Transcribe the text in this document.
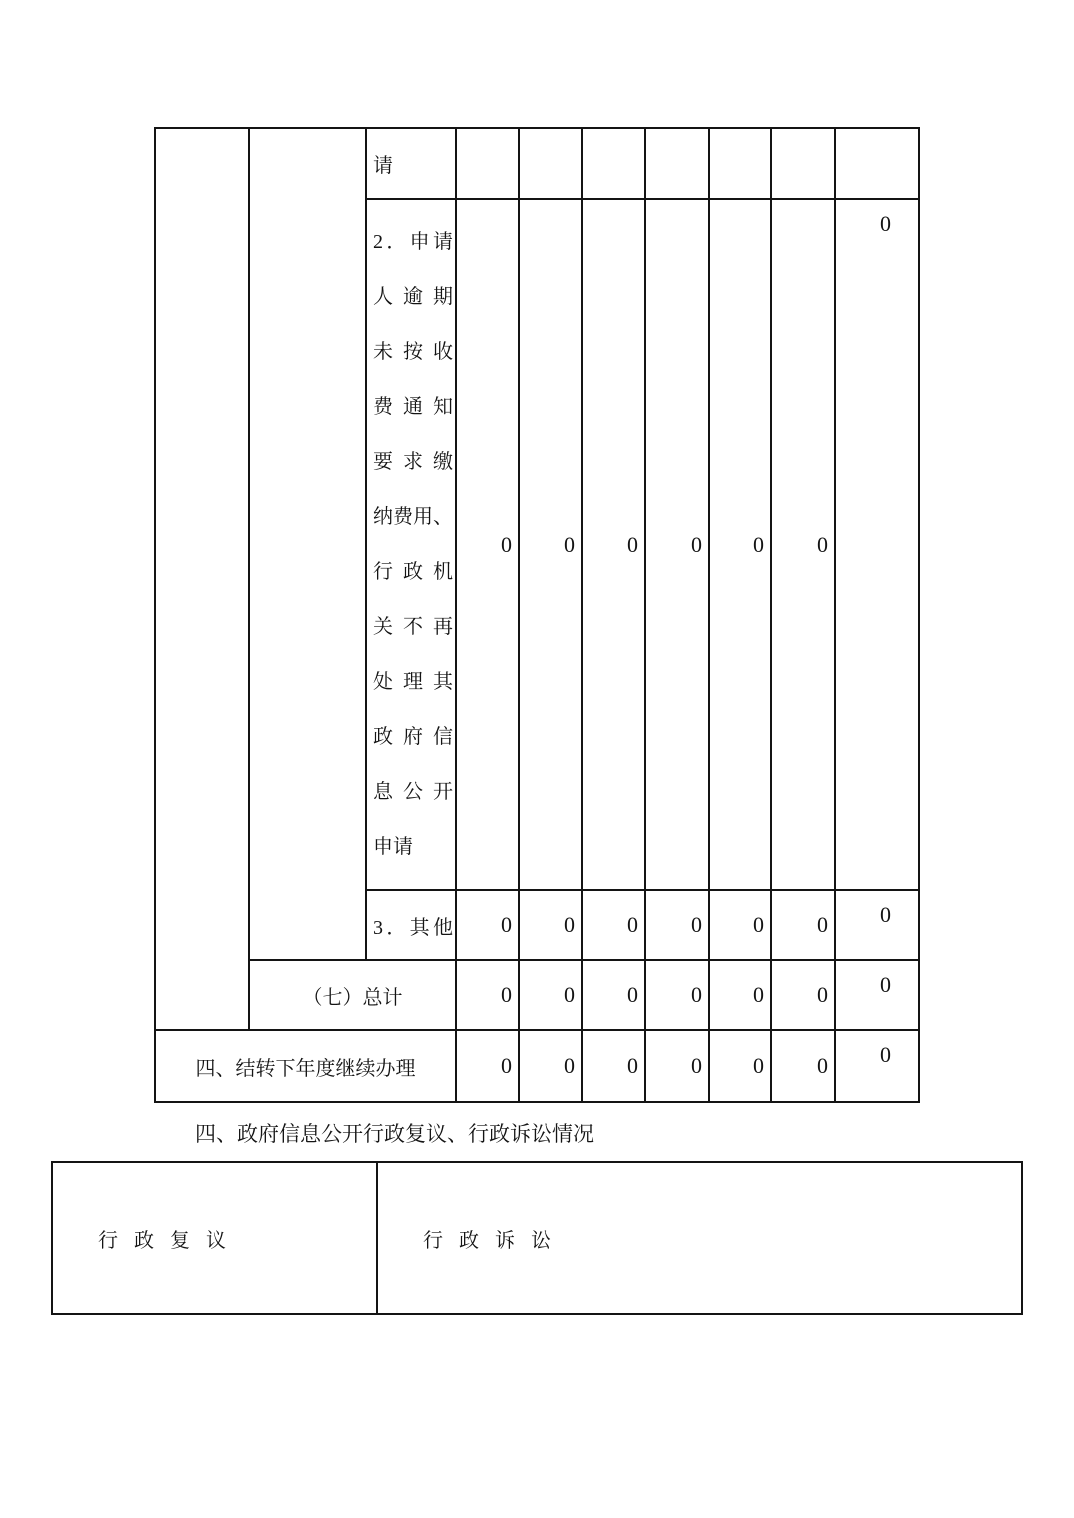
		请							

2．申请
人逾期
未按收
费通知
要求缴
纳费用、
行政机
关不再
处理其
政府信
息公开
申请
	0	0	0	0	0	0	0
		3．其他	0	0	0	0	0	0	0
	（七）总计		0	0	0	0	0	0	0
四、结转下年度继续办理			0	0	0	0	0	0	0
四、政府信息公开行政复议、行政诉讼情况
行政复议	行政诉讼
